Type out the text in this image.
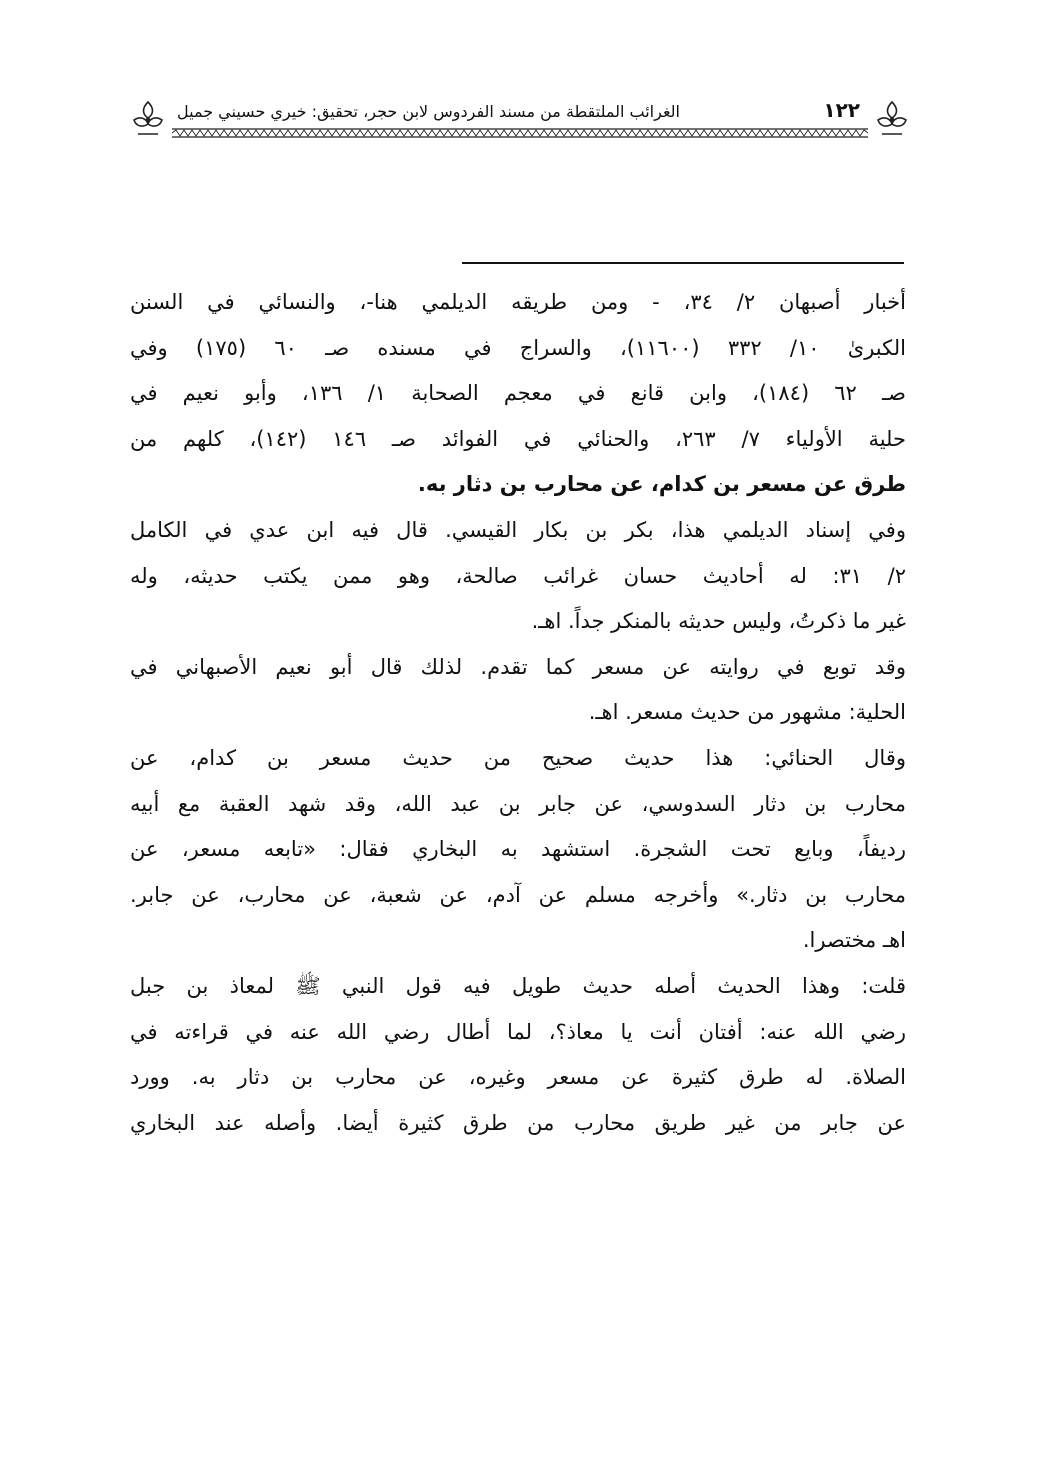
الغرائب الملتقطة من مسند الفردوس لابن حجر، تحقيق: خيري حسيني جميل	١٢٢
أخبار أصبهان ٢/ ٣٤، - ومن طريقه الديلمي هنا-، والنسائي في السنن
الكبرىٰ ١٠/ ٣٣٢ (١١٦٠٠)، والسراج في مسنده صـ ٦٠ (١٧٥) وفي
صـ ٦٢ (١٨٤)، وابن قانع في معجم الصحابة ١/ ١٣٦، وأبو نعيم في
حلية الأولياء ٧/ ٢٦٣، والحنائي في الفوائد صـ ١٤٦ (١٤٢)، كلهم من
طرق عن مسعر بن كدام، عن محارب بن دثار به.
وفي إسناد الديلمي هذا، بكر بن بكار القيسي. قال فيه ابن عدي في الكامل
٢/ ٣١: له أحاديث حسان غرائب صالحة، وهو ممن يكتب حديثه، وله
غير ما ذكرتُ، وليس حديثه بالمنكر جداً. اهـ.
وقد توبع في روايته عن مسعر كما تقدم. لذلك قال أبو نعيم الأصبهاني في
الحلية: مشهور من حديث مسعر. اهـ.
وقال الحنائي: هذا حديث صحيح من حديث مسعر بن كدام، عن
محارب بن دثار السدوسي، عن جابر بن عبد الله، وقد شهد العقبة مع أبيه
رديفاً، وبايع تحت الشجرة. استشهد به البخاري فقال: «تابعه مسعر، عن
محارب بن دثار.» وأخرجه مسلم عن آدم، عن شعبة، عن محارب، عن جابر.
اهـ مختصرا.
قلت: وهذا الحديث أصله حديث طويل فيه قول النبي ﷺ لمعاذ بن جبل
رضي الله عنه: أفتان أنت يا معاذ؟، لما أطال رضي الله عنه في قراءته في
الصلاة. له طرق كثيرة عن مسعر وغيره، عن محارب بن دثار به. وورد
عن جابر من غير طريق محارب من طرق كثيرة أيضا. وأصله عند البخاري
